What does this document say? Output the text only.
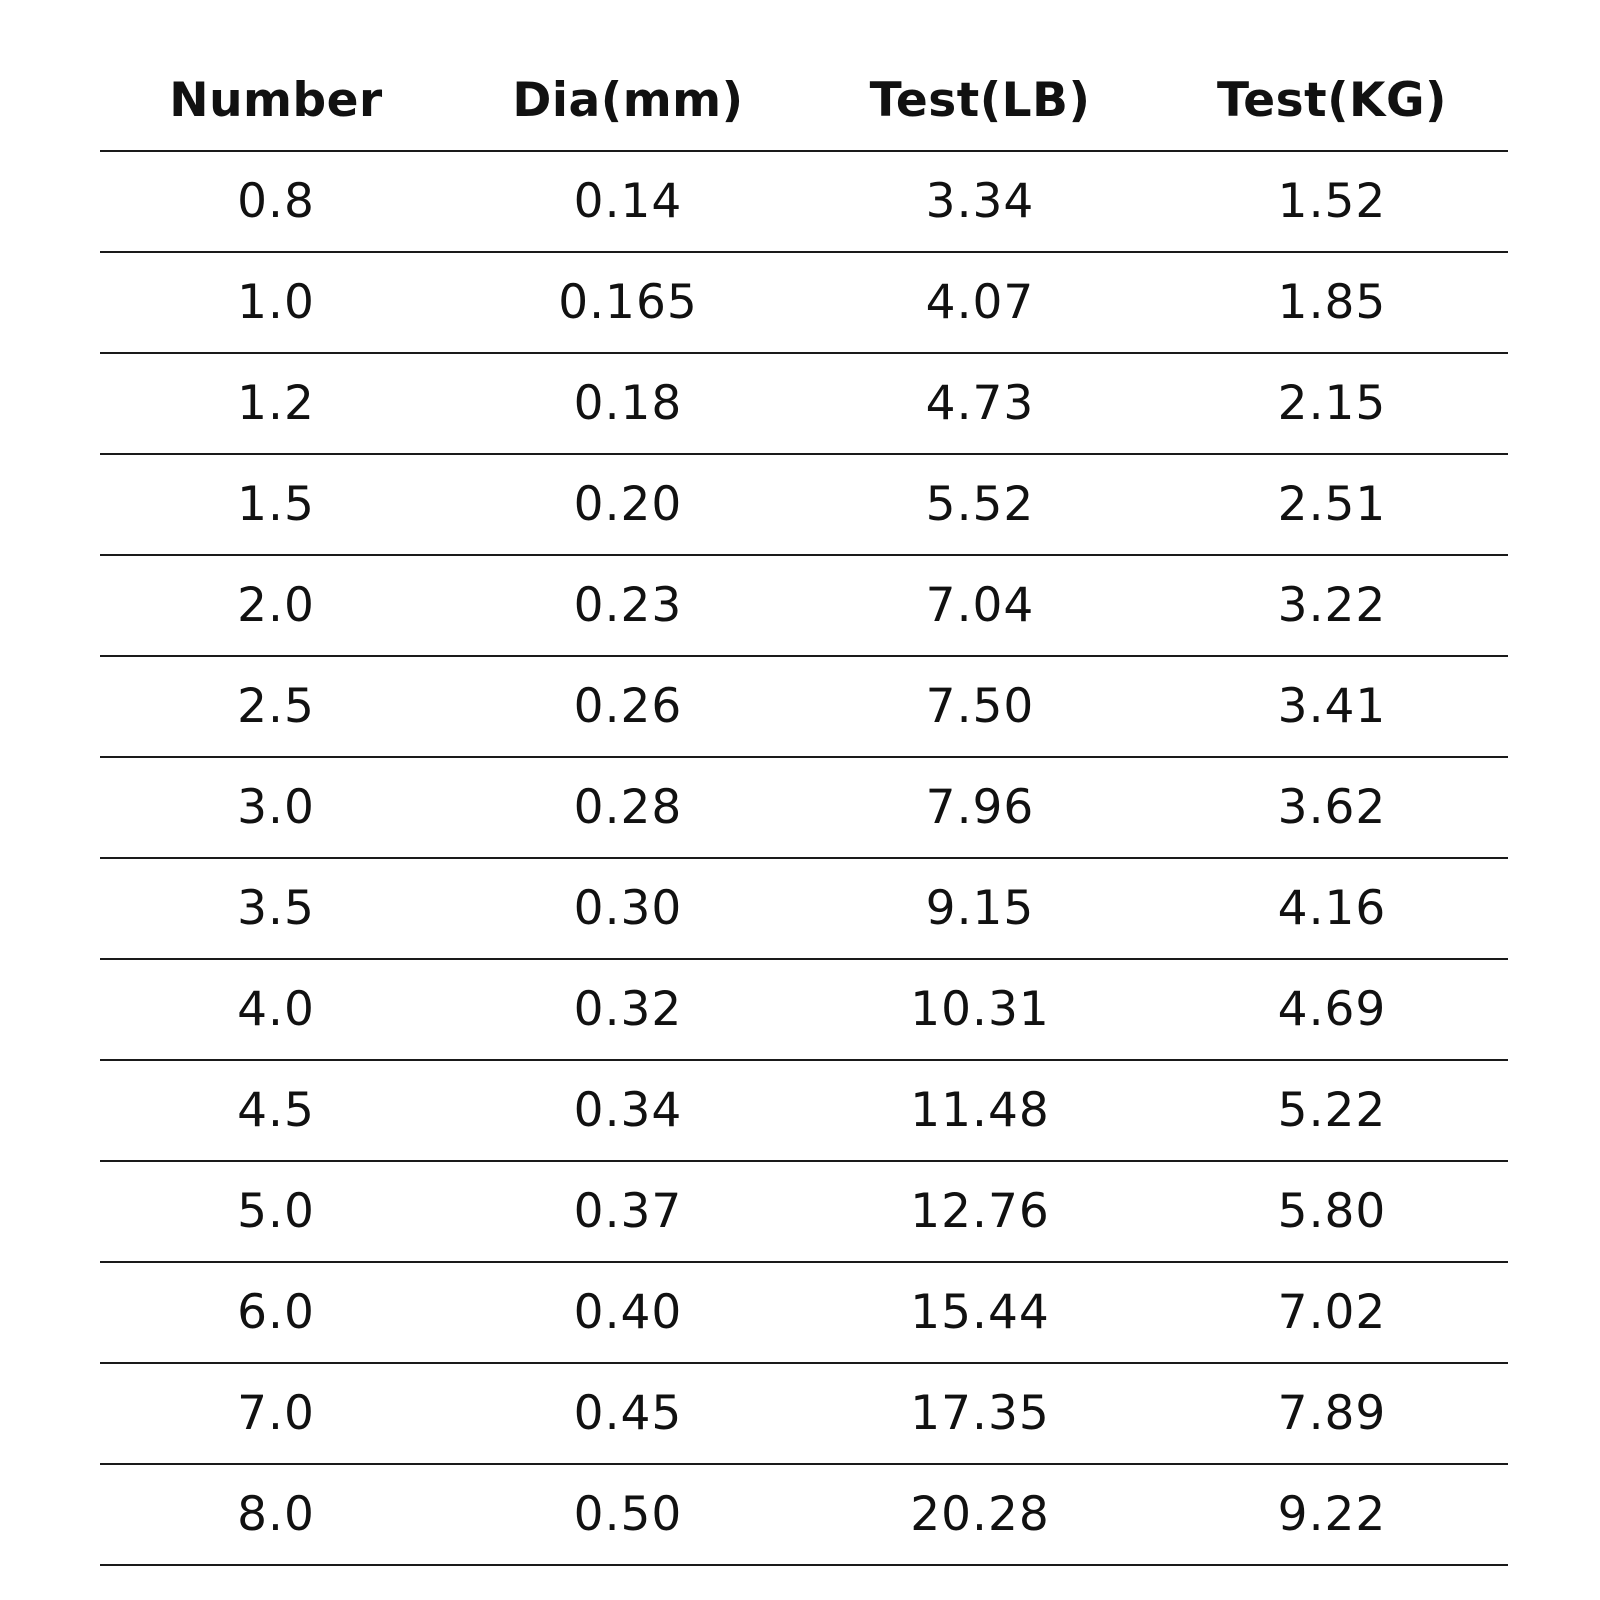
Number	Dia(mm)	Test(LB)	Test(KG)
0.8	0.14	3.34	1.52
1.0	0.165	4.07	1.85
1.2	0.18	4.73	2.15
1.5	0.20	5.52	2.51
2.0	0.23	7.04	3.22
2.5	0.26	7.50	3.41
3.0	0.28	7.96	3.62
3.5	0.30	9.15	4.16
4.0	0.32	10.31	4.69
4.5	0.34	11.48	5.22
5.0	0.37	12.76	5.80
6.0	0.40	15.44	7.02
7.0	0.45	17.35	7.89
8.0	0.50	20.28	9.22
